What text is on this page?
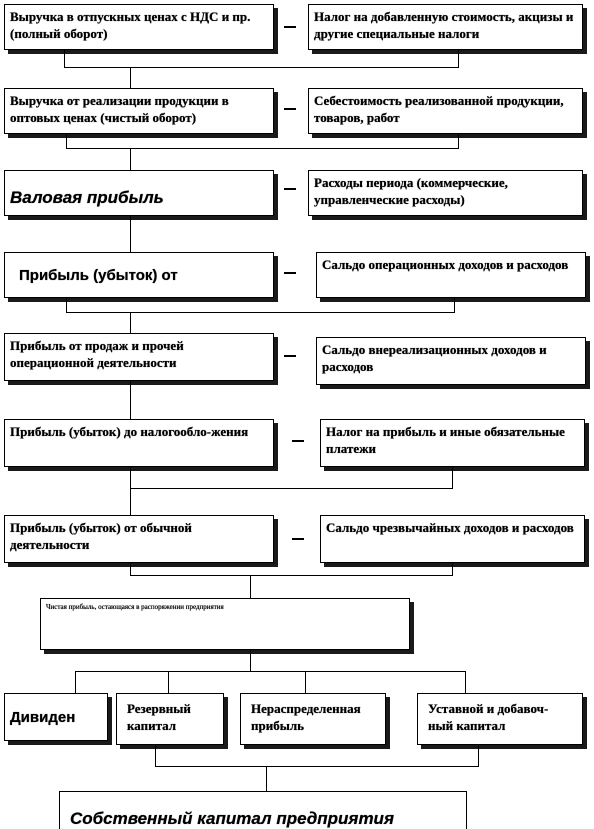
Выручка в отпускных ценах с НДС и пр. (полный оборот)
Налог на добавленную стоимость, акцизы и другие специальные налоги
Выручка от реализации продукции в оптовых ценах (чистый оборот)
Себестоимость реализованной продукции, товаров, работ
Валовая прибыль
Расходы периода (коммерческие, управленческие расходы)
Прибыль (убыток) от
Сальдо операционных доходов и расходов
Прибыль от продаж и прочей операционной деятельности
Сальдо внереализационных доходов и расходов
Прибыль (убыток) до налогообло-жения	Налог на прибыль и иные обязательные платежи
Прибыль (убыток) от обычной деятельности
Сальдо чрезвычайных доходов и расходов
Чистая прибыль, остающаяся в распоряжении предприятия
Дивиден	Резервный капитал
Нераспределенная прибыль
Уставной и добавоч-ный капитал
Собственный капитал предприятия
